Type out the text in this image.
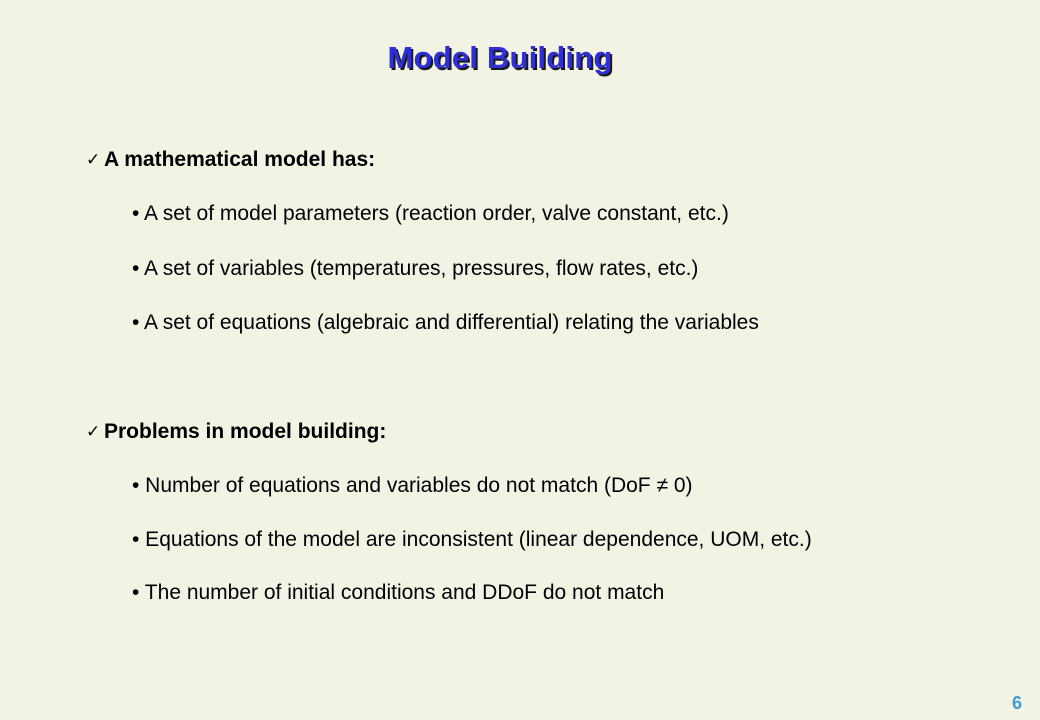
Model Building
✓ A mathematical model has:
• A set of model parameters (reaction order, valve constant, etc.)
• A set of variables (temperatures, pressures, flow rates, etc.)
• A set of equations (algebraic and differential) relating the variables
✓ Problems in model building:
• Number of equations and variables do not match (DoF ≠ 0)
• Equations of the model are inconsistent (linear dependence, UOM, etc.)
• The number of initial conditions and DDoF do not match
6
